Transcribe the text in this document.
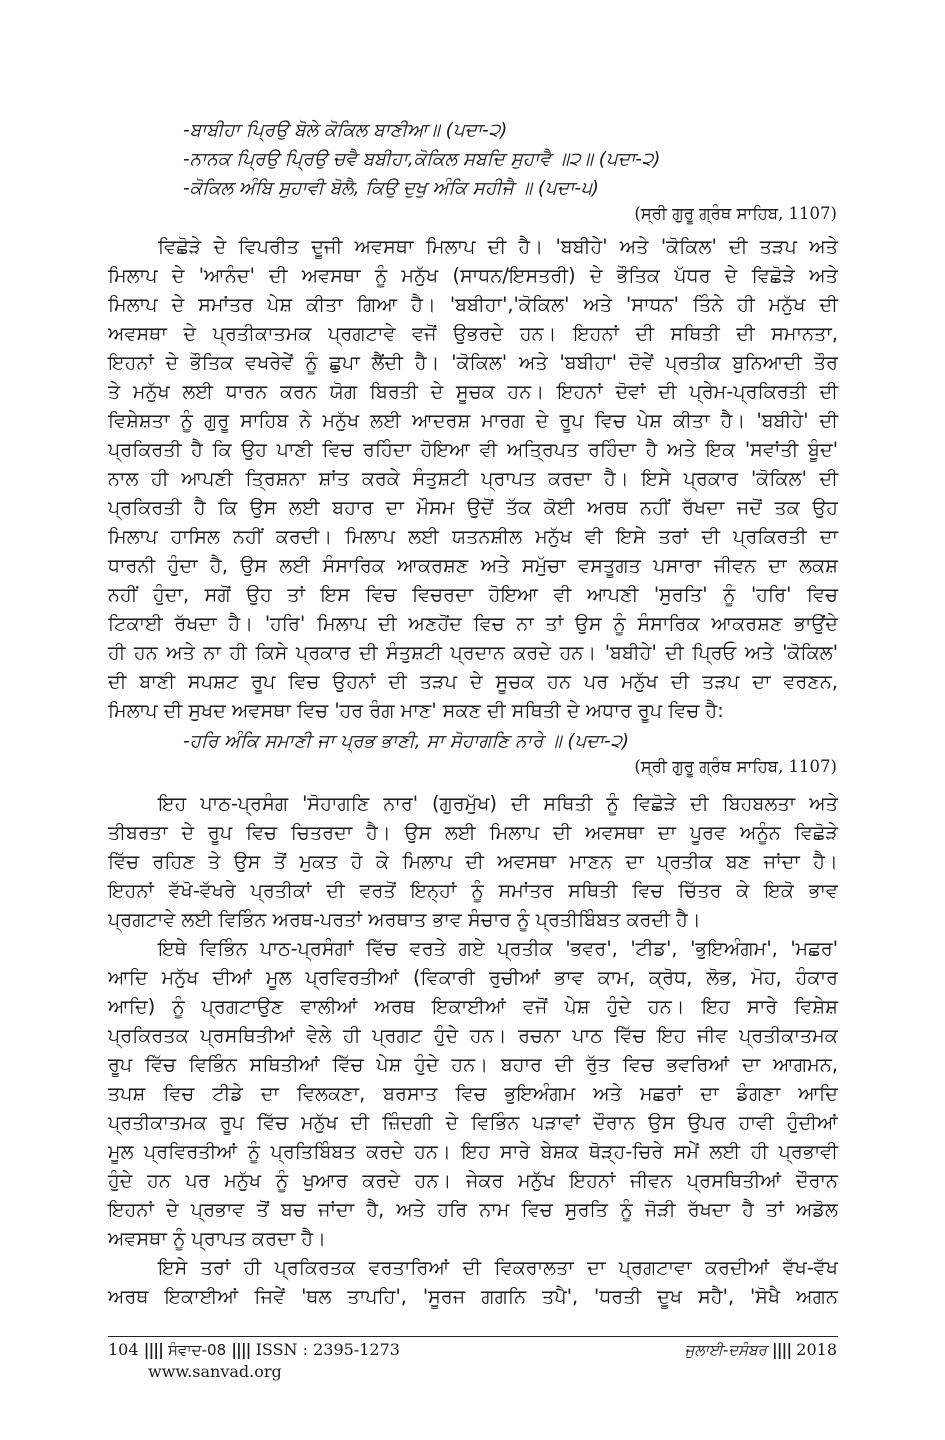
-ਬਾਬੀਹਾ ਪ੍ਰਿਉ ਬੋਲੇ ਕੋਕਿਲ ਬਾਣੀਆ॥ (ਪਦਾ-੨)
-ਨਾਨਕ ਪ੍ਰਿਉ ਪ੍ਰਿਉ ਚਵੈ ਬਬੀਹਾ,ਕੋਕਿਲ ਸਬਦਿ ਸੁਹਾਵੈ ॥੨॥ (ਪਦਾ-੨)
-ਕੋਕਿਲ ਅੰਬਿ ਸੁਹਾਵੀ ਬੋਲੈ, ਕਿਉ ਦੁਖੁ ਅੰਕਿ ਸਹੀਜੈ ॥ (ਪਦਾ-੫)
(ਸ੍ਰੀ ਗੁਰੂ ਗ੍ਰੰਥ ਸਾਹਿਬ, 1107)
ਵਿਛੋੜੇ ਦੇ ਵਿਪਰੀਤ ਦੂਜੀ ਅਵਸਥਾ ਮਿਲਾਪ ਦੀ ਹੈ। 'ਬਬੀਹੇ' ਅਤੇ 'ਕੋਕਿਲ' ਦੀ ਤੜਪ ਅਤੇ
ਮਿਲਾਪ ਦੇ 'ਆਨੰਦ' ਦੀ ਅਵਸਥਾ ਨੂੰ ਮਨੁੱਖ (ਸਾਧਨ/ਇਸਤਰੀ) ਦੇ ਭੌਤਿਕ ਪੱਧਰ ਦੇ ਵਿਛੋੜੇ ਅਤੇ
ਮਿਲਾਪ ਦੇ ਸਮਾਂਤਰ ਪੇਸ਼ ਕੀਤਾ ਗਿਆ ਹੈ। 'ਬਬੀਹਾ','ਕੋਕਿਲ' ਅਤੇ 'ਸਾਧਨ' ਤਿੰਨੇ ਹੀ ਮਨੁੱਖ ਦੀ
ਅਵਸਥਾ ਦੇ ਪ੍ਰਤੀਕਾਤਮਕ ਪ੍ਰਗਟਾਵੇ ਵਜੋਂ ਉਭਰਦੇ ਹਨ। ਇਹਨਾਂ ਦੀ ਸਥਿਤੀ ਦੀ ਸਮਾਨਤਾ,
ਇਹਨਾਂ ਦੇ ਭੌਤਿਕ ਵਖਰੇਵੇਂ ਨੂੰ ਛੁਪਾ ਲੈਂਦੀ ਹੈ। 'ਕੋਕਿਲ' ਅਤੇ 'ਬਬੀਹਾ' ਦੋਵੇਂ ਪ੍ਰਤੀਕ ਬੁਨਿਆਦੀ ਤੌਰ
ਤੇ ਮਨੁੱਖ ਲਈ ਧਾਰਨ ਕਰਨ ਯੋਗ ਬਿਰਤੀ ਦੇ ਸੂਚਕ ਹਨ। ਇਹਨਾਂ ਦੋਵਾਂ ਦੀ ਪ੍ਰੇਮ-ਪ੍ਰਕਿਰਤੀ ਦੀ
ਵਿਸ਼ੇਸ਼ਤਾ ਨੂੰ ਗੁਰੂ ਸਾਹਿਬ ਨੇ ਮਨੁੱਖ ਲਈ ਆਦਰਸ਼ ਮਾਰਗ ਦੇ ਰੂਪ ਵਿਚ ਪੇਸ਼ ਕੀਤਾ ਹੈ। 'ਬਬੀਹੇ' ਦੀ
ਪ੍ਰਕਿਰਤੀ ਹੈ ਕਿ ਉਹ ਪਾਣੀ ਵਿਚ ਰਹਿੰਦਾ ਹੋਇਆ ਵੀ ਅਤ੍ਰਿਪਤ ਰਹਿੰਦਾ ਹੈ ਅਤੇ ਇਕ 'ਸਵਾਂਤੀ ਬੂੰਦ'
ਨਾਲ ਹੀ ਆਪਣੀ ਤ੍ਰਿਸ਼ਨਾ ਸ਼ਾਂਤ ਕਰਕੇ ਸੰਤੁਸ਼ਟੀ ਪ੍ਰਾਪਤ ਕਰਦਾ ਹੈ। ਇਸੇ ਪ੍ਰਕਾਰ 'ਕੋਕਿਲ' ਦੀ
ਪ੍ਰਕਿਰਤੀ ਹੈ ਕਿ ਉਸ ਲਈ ਬਹਾਰ ਦਾ ਮੌਸਮ ਉਦੋਂ ਤੱਕ ਕੋਈ ਅਰਥ ਨਹੀਂ ਰੱਖਦਾ ਜਦੋਂ ਤਕ ਉਹ
ਮਿਲਾਪ ਹਾਸਿਲ ਨਹੀਂ ਕਰਦੀ। ਮਿਲਾਪ ਲਈ ਯਤਨਸ਼ੀਲ ਮਨੁੱਖ ਵੀ ਇਸੇ ਤਰਾਂ ਦੀ ਪ੍ਰਕਿਰਤੀ ਦਾ
ਧਾਰਨੀ ਹੁੰਦਾ ਹੈ, ਉਸ ਲਈ ਸੰਸਾਰਿਕ ਆਕਰਸ਼ਣ ਅਤੇ ਸਮੁੱਚਾ ਵਸਤੂਗਤ ਪਸਾਰਾ ਜੀਵਨ ਦਾ ਲਕਸ਼
ਨਹੀਂ ਹੁੰਦਾ, ਸਗੋਂ ਉਹ ਤਾਂ ਇਸ ਵਿਚ ਵਿਚਰਦਾ ਹੋਇਆ ਵੀ ਆਪਣੀ 'ਸੁਰਤਿ' ਨੂੰ 'ਹਰਿ' ਵਿਚ
ਟਿਕਾਈ ਰੱਖਦਾ ਹੈ। 'ਹਰਿ' ਮਿਲਾਪ ਦੀ ਅਣਹੋਂਦ ਵਿਚ ਨਾ ਤਾਂ ਉਸ ਨੂੰ ਸੰਸਾਰਿਕ ਆਕਰਸ਼ਣ ਭਾਉਂਦੇ
ਹੀ ਹਨ ਅਤੇ ਨਾ ਹੀ ਕਿਸੇ ਪ੍ਰਕਾਰ ਦੀ ਸੰਤੁਸ਼ਟੀ ਪ੍ਰਦਾਨ ਕਰਦੇ ਹਨ। 'ਬਬੀਹੇ' ਦੀ ਪ੍ਰਿਓ ਅਤੇ 'ਕੋਕਿਲ'
ਦੀ ਬਾਣੀ ਸਪਸ਼ਟ ਰੂਪ ਵਿਚ ਉਹਨਾਂ ਦੀ ਤੜਪ ਦੇ ਸੂਚਕ ਹਨ ਪਰ ਮਨੁੱਖ ਦੀ ਤੜਪ ਦਾ ਵਰਣਨ,
ਮਿਲਾਪ ਦੀ ਸੁਖਦ ਅਵਸਥਾ ਵਿਚ 'ਹਰ ਰੰਗ ਮਾਣ' ਸਕਣ ਦੀ ਸਥਿਤੀ ਦੇ ਅਧਾਰ ਰੂਪ ਵਿਚ ਹੈ:
-ਹਰਿ ਅੰਕਿ ਸਮਾਣੀ ਜਾ ਪ੍ਰਭ ਭਾਣੀ, ਸਾ ਸੋਹਾਗਣਿ ਨਾਰੇ ॥ (ਪਦਾ-੨)
(ਸ੍ਰੀ ਗੁਰੂ ਗ੍ਰੰਥ ਸਾਹਿਬ, 1107)
ਇਹ ਪਾਠ-ਪ੍ਰਸੰਗ 'ਸੋਹਾਗਣਿ ਨਾਰ' (ਗੁਰਮੁੱਖ) ਦੀ ਸਥਿਤੀ ਨੂੰ ਵਿਛੋੜੇ ਦੀ ਬਿਹਬਲਤਾ ਅਤੇ
ਤੀਬਰਤਾ ਦੇ ਰੂਪ ਵਿਚ ਚਿਤਰਦਾ ਹੈ। ਉਸ ਲਈ ਮਿਲਾਪ ਦੀ ਅਵਸਥਾ ਦਾ ਪੂਰਵ ਅਨੂੰਨ ਵਿਛੋੜੇ
ਵਿੱਚ ਰਹਿਣ ਤੇ ਉਸ ਤੋਂ ਮੁਕਤ ਹੋ ਕੇ ਮਿਲਾਪ ਦੀ ਅਵਸਥਾ ਮਾਣਨ ਦਾ ਪ੍ਰਤੀਕ ਬਣ ਜਾਂਦਾ ਹੈ।
ਇਹਨਾਂ ਵੱਖੋ-ਵੱਖਰੇ ਪ੍ਰਤੀਕਾਂ ਦੀ ਵਰਤੋਂ ਇਨ੍ਹਾਂ ਨੂੰ ਸਮਾਂਤਰ ਸਥਿਤੀ ਵਿਚ ਚਿੱਤਰ ਕੇ ਇਕੋ ਭਾਵ
ਪ੍ਰਗਟਾਵੇ ਲਈ ਵਿਭਿੰਨ ਅਰਥ-ਪਰਤਾਂ ਅਰਥਾਤ ਭਾਵ ਸੰਚਾਰ ਨੂੰ ਪ੍ਰਤੀਬਿੰਬਤ ਕਰਦੀ ਹੈ।
ਇਥੇ ਵਿਭਿੰਨ ਪਾਠ-ਪ੍ਰਸੰਗਾਂ ਵਿੱਚ ਵਰਤੇ ਗਏ ਪ੍ਰਤੀਕ 'ਭਵਰ', 'ਟੀਡ', 'ਭੁਇਅੰਗਮ', 'ਮਛਰ'
ਆਦਿ ਮਨੁੱਖ ਦੀਆਂ ਮੂਲ ਪ੍ਰਵਿਰਤੀਆਂ (ਵਿਕਾਰੀ ਰੁਚੀਆਂ ਭਾਵ ਕਾਮ, ਕ੍ਰੋਧ, ਲੋਭ, ਮੋਹ, ਹੰਕਾਰ
ਆਦਿ) ਨੂੰ ਪ੍ਰਗਟਾਉਣ ਵਾਲੀਆਂ ਅਰਥ ਇਕਾਈਆਂ ਵਜੋਂ ਪੇਸ਼ ਹੁੰਦੇ ਹਨ। ਇਹ ਸਾਰੇ ਵਿਸ਼ੇਸ਼
ਪ੍ਰਕਿਰਤਕ ਪ੍ਰਸਥਿਤੀਆਂ ਵੇਲੇ ਹੀ ਪ੍ਰਗਟ ਹੁੰਦੇ ਹਨ। ਰਚਨਾ ਪਾਠ ਵਿੱਚ ਇਹ ਜੀਵ ਪ੍ਰਤੀਕਾਤਮਕ
ਰੂਪ ਵਿੱਚ ਵਿਭਿੰਨ ਸਥਿਤੀਆਂ ਵਿੱਚ ਪੇਸ਼ ਹੁੰਦੇ ਹਨ। ਬਹਾਰ ਦੀ ਰੁੱਤ ਵਿਚ ਭਵਰਿਆਂ ਦਾ ਆਗਮਨ,
ਤਪਸ਼ ਵਿਚ ਟੀਡੇ ਦਾ ਵਿਲਕਣਾ, ਬਰਸਾਤ ਵਿਚ ਭੁਇਅੰਗਮ ਅਤੇ ਮਛਰਾਂ ਦਾ ਡੰਗਣਾ ਆਦਿ
ਪ੍ਰਤੀਕਾਤਮਕ ਰੂਪ ਵਿੱਚ ਮਨੁੱਖ ਦੀ ਜ਼ਿੰਦਗੀ ਦੇ ਵਿਭਿੰਨ ਪੜਾਵਾਂ ਦੌਰਾਨ ਉਸ ਉਪਰ ਹਾਵੀ ਹੁੰਦੀਆਂ
ਮੂਲ ਪ੍ਰਵਿਰਤੀਆਂ ਨੂੰ ਪ੍ਰਤਿਬਿੰਬਤ ਕਰਦੇ ਹਨ। ਇਹ ਸਾਰੇ ਬੇਸ਼ਕ ਥੋੜ੍ਹ-ਚਿਰੇ ਸਮੇਂ ਲਈ ਹੀ ਪ੍ਰਭਾਵੀ
ਹੁੰਦੇ ਹਨ ਪਰ ਮਨੁੱਖ ਨੂੰ ਖੁਆਰ ਕਰਦੇ ਹਨ। ਜੇਕਰ ਮਨੁੱਖ ਇਹਨਾਂ ਜੀਵਨ ਪ੍ਰਸਥਿਤੀਆਂ ਦੌਰਾਨ
ਇਹਨਾਂ ਦੇ ਪ੍ਰਭਾਵ ਤੋਂ ਬਚ ਜਾਂਦਾ ਹੈ, ਅਤੇ ਹਰਿ ਨਾਮ ਵਿਚ ਸੁਰਤਿ ਨੂੰ ਜੋੜੀ ਰੱਖਦਾ ਹੈ ਤਾਂ ਅਡੋਲ
ਅਵਸਥਾ ਨੂੰ ਪ੍ਰਾਪਤ ਕਰਦਾ ਹੈ।
ਇਸੇ ਤਰਾਂ ਹੀ ਪ੍ਰਕਿਰਤਕ ਵਰਤਾਰਿਆਂ ਦੀ ਵਿਕਰਾਲਤਾ ਦਾ ਪ੍ਰਗਟਾਵਾ ਕਰਦੀਆਂ ਵੱਖ-ਵੱਖ
ਅਰਥ ਇਕਾਈਆਂ ਜਿਵੇਂ 'ਥਲ ਤਾਪਹਿ', 'ਸੂਰਜ ਗਗਨਿ ਤਪੈ', 'ਧਰਤੀ ਦੂਖ ਸਹੈ', 'ਸੋਖੈ ਅਗਨ
104 |||| ਸੰਵਾਦ-08 |||| ISSN : 2395-1273
www.sanvad.org
ਜੁਲਾਈ-ਦਸੰਬਰ |||| 2018
